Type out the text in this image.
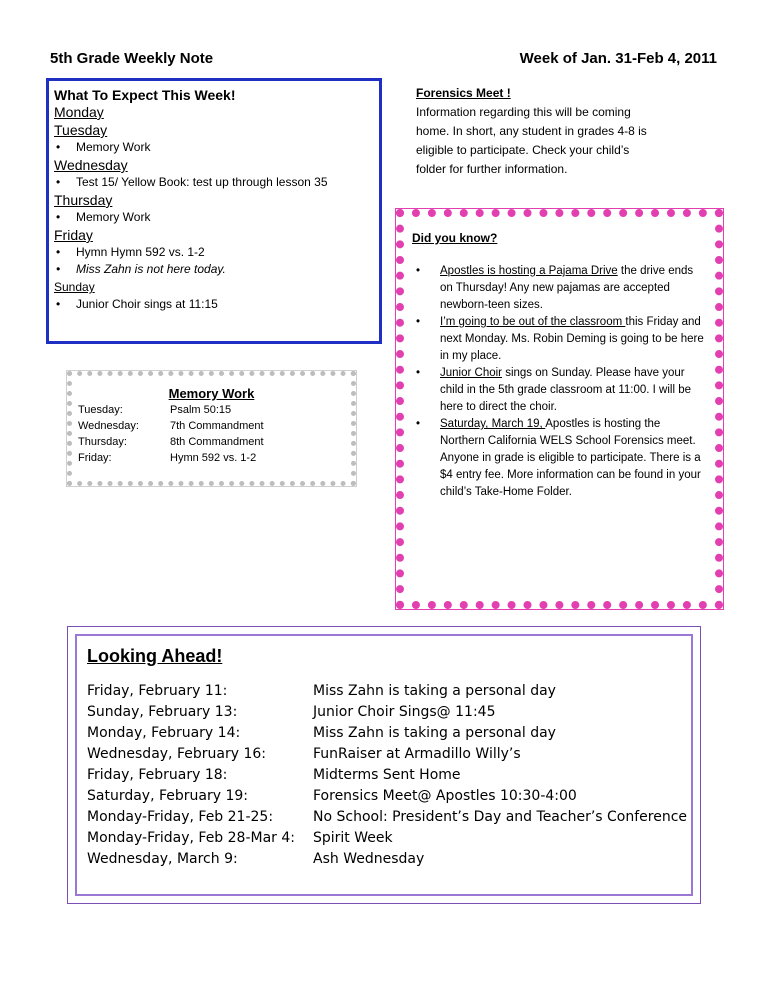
5th Grade Weekly Note	Week of Jan. 31-Feb 4, 2011
What To Expect This Week!
Monday
Tuesday
• Memory Work
Wednesday
• Test 15/ Yellow Book: test up through lesson 35
Thursday
• Memory Work
Friday
• Hymn Hymn 592 vs. 1-2
• Miss Zahn is not here today.
Sunday
• Junior Choir sings at 11:15
Forensics Meet !
Information regarding this will be coming
home. In short, any student in grades 4-8 is
eligible to participate. Check your child’s
folder for further information.
Memory Work
Tuesday:	Psalm 50:15
Wednesday:	7th Commandment
Thursday:	8th Commandment
Friday:	Hymn 592 vs. 1-2
Did you know?
• Apostles is hosting a Pajama Drive the drive ends on Thursday! Any new pajamas are accepted newborn-teen sizes.
• I’m going to be out of the classroom this Friday and next Monday. Ms. Robin Deming is going to be here in my place.
• Junior Choir sings on Sunday. Please have your child in the 5th grade classroom at 11:00. I will be here to direct the choir.
• Saturday, March 19, Apostles is hosting the Northern California WELS School Forensics meet. Anyone in grade is eligible to participate. There is a $4 entry fee. More information can be found in your child’s Take-Home Folder.
Looking Ahead!
Friday, February 11:	Miss Zahn is taking a personal day
Sunday, February 13:	Junior Choir Sings@ 11:45
Monday, February 14:	Miss Zahn is taking a personal day
Wednesday, February 16:	FunRaiser at Armadillo Willy’s
Friday, February 18:	Midterms Sent Home
Saturday, February 19:	Forensics Meet@ Apostles 10:30-4:00
Monday-Friday, Feb 21-25:	No School: President’s Day and Teacher’s Conference
Monday-Friday, Feb 28-Mar 4: Spirit Week
Wednesday, March 9:	Ash Wednesday
